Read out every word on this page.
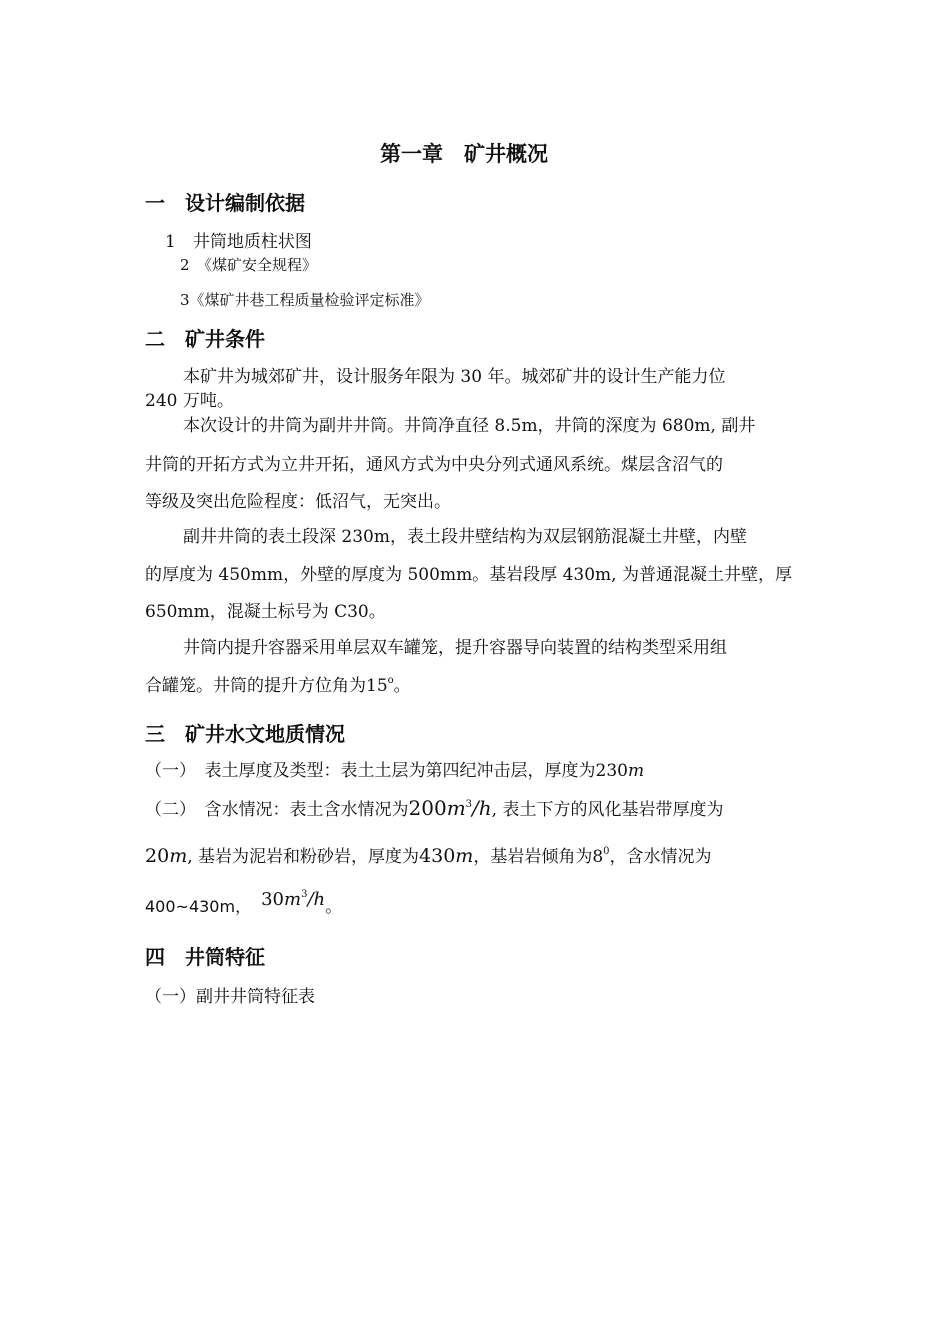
第一章　矿井概况
一　设计编制依据
1　井筒地质柱状图
2　《煤矿安全规程》
3《煤矿井巷工程质量检验评定标准》
二　矿井条件
本矿井为城郊矿井，设计服务年限为 30 年。城郊矿井的设计生产能力位
240 万吨。
本次设计的井筒为副井井筒。井筒净直径 8.5m，井筒的深度为 680m, 副井
井筒的开拓方式为立井开拓，通风方式为中央分列式通风系统。煤层含沼气的
等级及突出危险程度：低沼气，无突出。
副井井筒的表土段深 230m，表土段井壁结构为双层钢筋混凝土井壁，内壁
的厚度为 450mm，外壁的厚度为 500mm。基岩段厚 430m, 为普通混凝土井壁，厚
650mm，混凝土标号为 C30。
井筒内提升容器采用单层双车罐笼，提升容器导向装置的结构类型采用组
合罐笼。井筒的提升方位角为15$^o$。
三　矿井水文地质情况
（一）　表土厚度及类型：表土土层为第四纪冲击层，厚度为230m
（二）　含水情况：表土含水情况为$200m^3/h$, 表土下方的风化基岩带厚度为
20m, 基岩为泥岩和粉砂岩，厚度为430m，基岩岩倾角为$8^0$，含水情况为
400~430m， $30m^3/h$。
四　井筒特征
（一）副井井筒特征表
